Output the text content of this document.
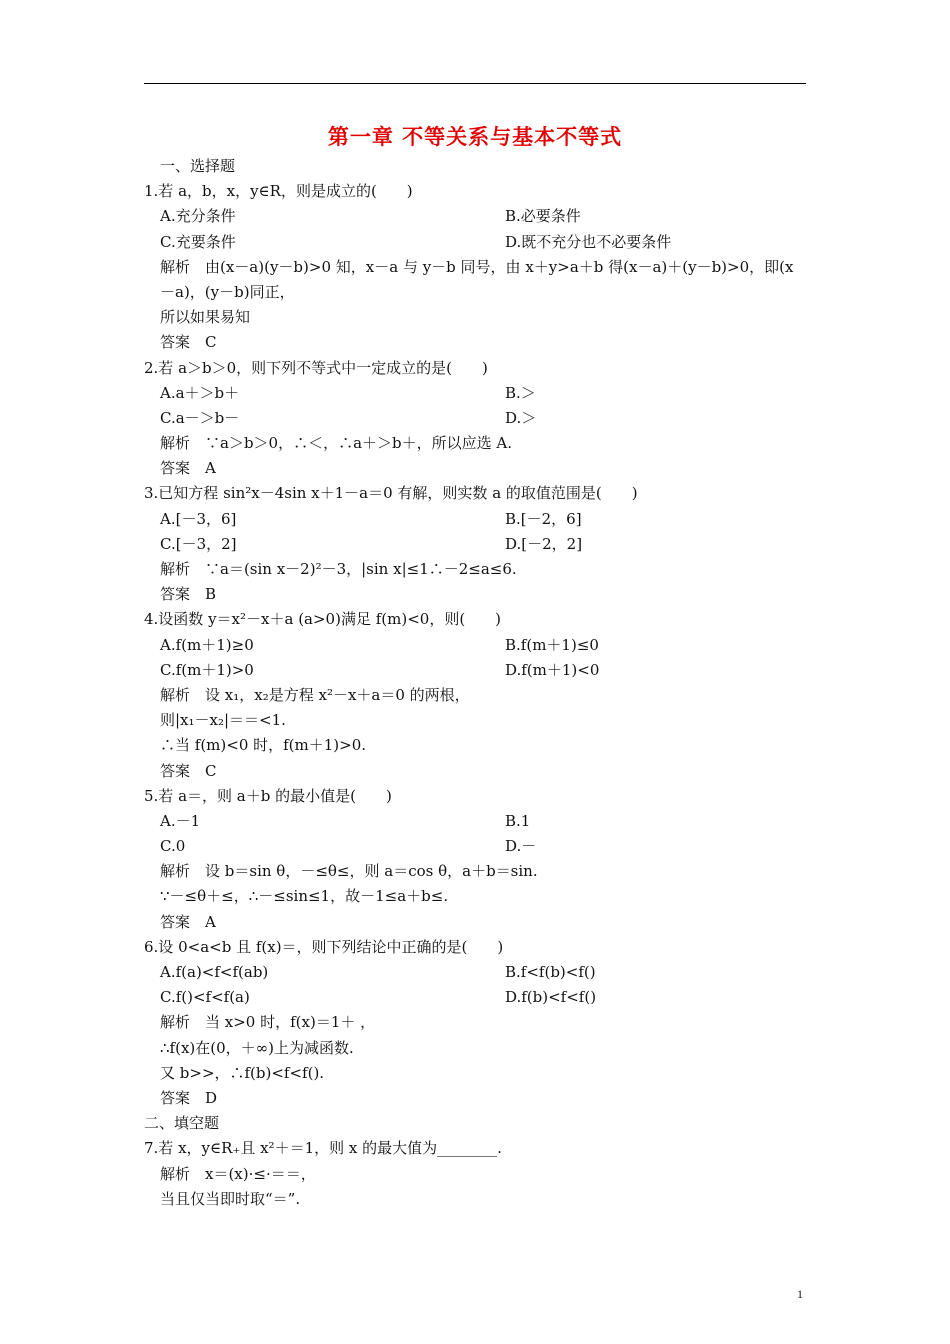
第一章 不等关系与基本不等式
一、选择题
1.若 a，b，x，y∈R，则是成立的(　　)
A.充分条件	B.必要条件
C.充要条件	D.既不充分也不必要条件
解析　由(x－a)(y－b)>0 知，x－a 与 y－b 同号，由 x＋y>a＋b 得(x－a)＋(y－b)>0，即(x
－a)，(y－b)同正，
所以如果易知
答案　C
2.若 a＞b＞0，则下列不等式中一定成立的是(　　)
A.a＋＞b＋	B.＞
C.a－＞b－	D.＞
解析　∵a＞b＞0，∴＜，∴a＋＞b＋，所以应选 A.
答案　A
3.已知方程 sin²x－4sin x＋1－a＝0 有解，则实数 a 的取值范围是(　　)
A.[－3，6]	B.[－2，6]
C.[－3，2]	D.[－2，2]
解析　∵a＝(sin x－2)²－3，|sin x|≤1∴－2≤a≤6.
答案　B
4.设函数 y＝x²－x＋a (a>0)满足 f(m)<0，则(　　)
A.f(m＋1)≥0	B.f(m＋1)≤0
C.f(m＋1)>0	D.f(m＋1)<0
解析　设 x₁，x₂是方程 x²－x＋a＝0 的两根，
则|x₁－x₂|＝＝<1.
∴当 f(m)<0 时，f(m＋1)>0.
答案　C
5.若 a＝，则 a＋b 的最小值是(　　)
A.－1	B.1
C.0	D.－
解析　设 b＝sin θ，－≤θ≤，则 a＝cos θ，a＋b＝sin.
∵－≤θ＋≤，∴－≤sin≤1，故－1≤a＋b≤.
答案　A
6.设 0<a<b 且 f(x)＝，则下列结论中正确的是(　　)
A.f(a)<f<f(ab)	B.f<f(b)<f()
C.f()<f<f(a)	D.f(b)<f<f()
解析　当 x>0 时，f(x)＝1＋ ，
∴f(x)在(0，＋∞)上为减函数.
又 b>>，∴f(b)<f<f().
答案　D
二、填空题
7.若 x，y∈R₊且 x²＋＝1，则 x 的最大值为________.
解析　x＝(x)·≤·＝＝，
当且仅当即时取“＝”.
1
